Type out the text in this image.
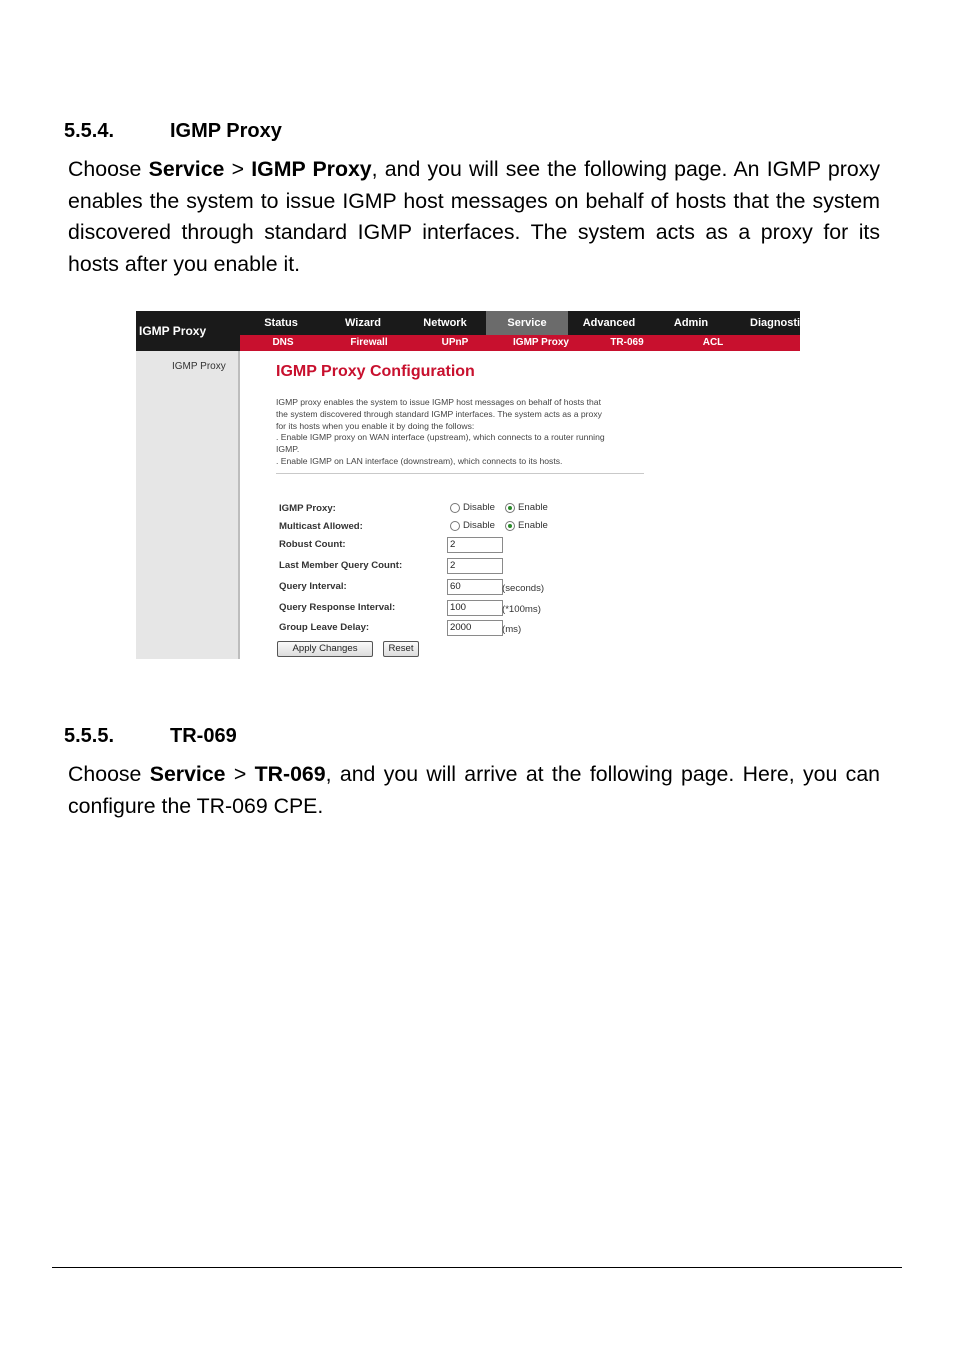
5.5.4.	IGMP Proxy
Choose Service > IGMP Proxy, and you will see the following page. An IGMP proxy enables the system to issue IGMP host messages on behalf of hosts that the system discovered through standard IGMP interfaces. The system acts as a proxy for its hosts after you enable it.
IGMP Proxy
Status	Wizard	Network	Service	Advanced	Admin	Diagnostic
DNS	Firewall	UPnP	IGMP Proxy	TR-069	ACL
IGMP Proxy	IGMP Proxy Configuration
IGMP proxy enables the system to issue IGMP host messages on behalf of hosts that
the system discovered through standard IGMP interfaces. The system acts as a proxy
for its hosts when you enable it by doing the follows:
. Enable IGMP proxy on WAN interface (upstream), which connects to a router running
IGMP.
. Enable IGMP on LAN interface (downstream), which connects to its hosts.
IGMP Proxy:	Disable Enable
Multicast Allowed:	Disable Enable
Robust Count:	2
Last Member Query Count:	2
Query Interval:	60	(seconds)
Query Response Interval:	100	(*100ms)
Group Leave Delay:	2000	(ms)
Apply Changes	Reset
5.5.5.	TR-069
Choose Service > TR-069, and you will arrive at the following page. Here, you can configure the TR-069 CPE.
